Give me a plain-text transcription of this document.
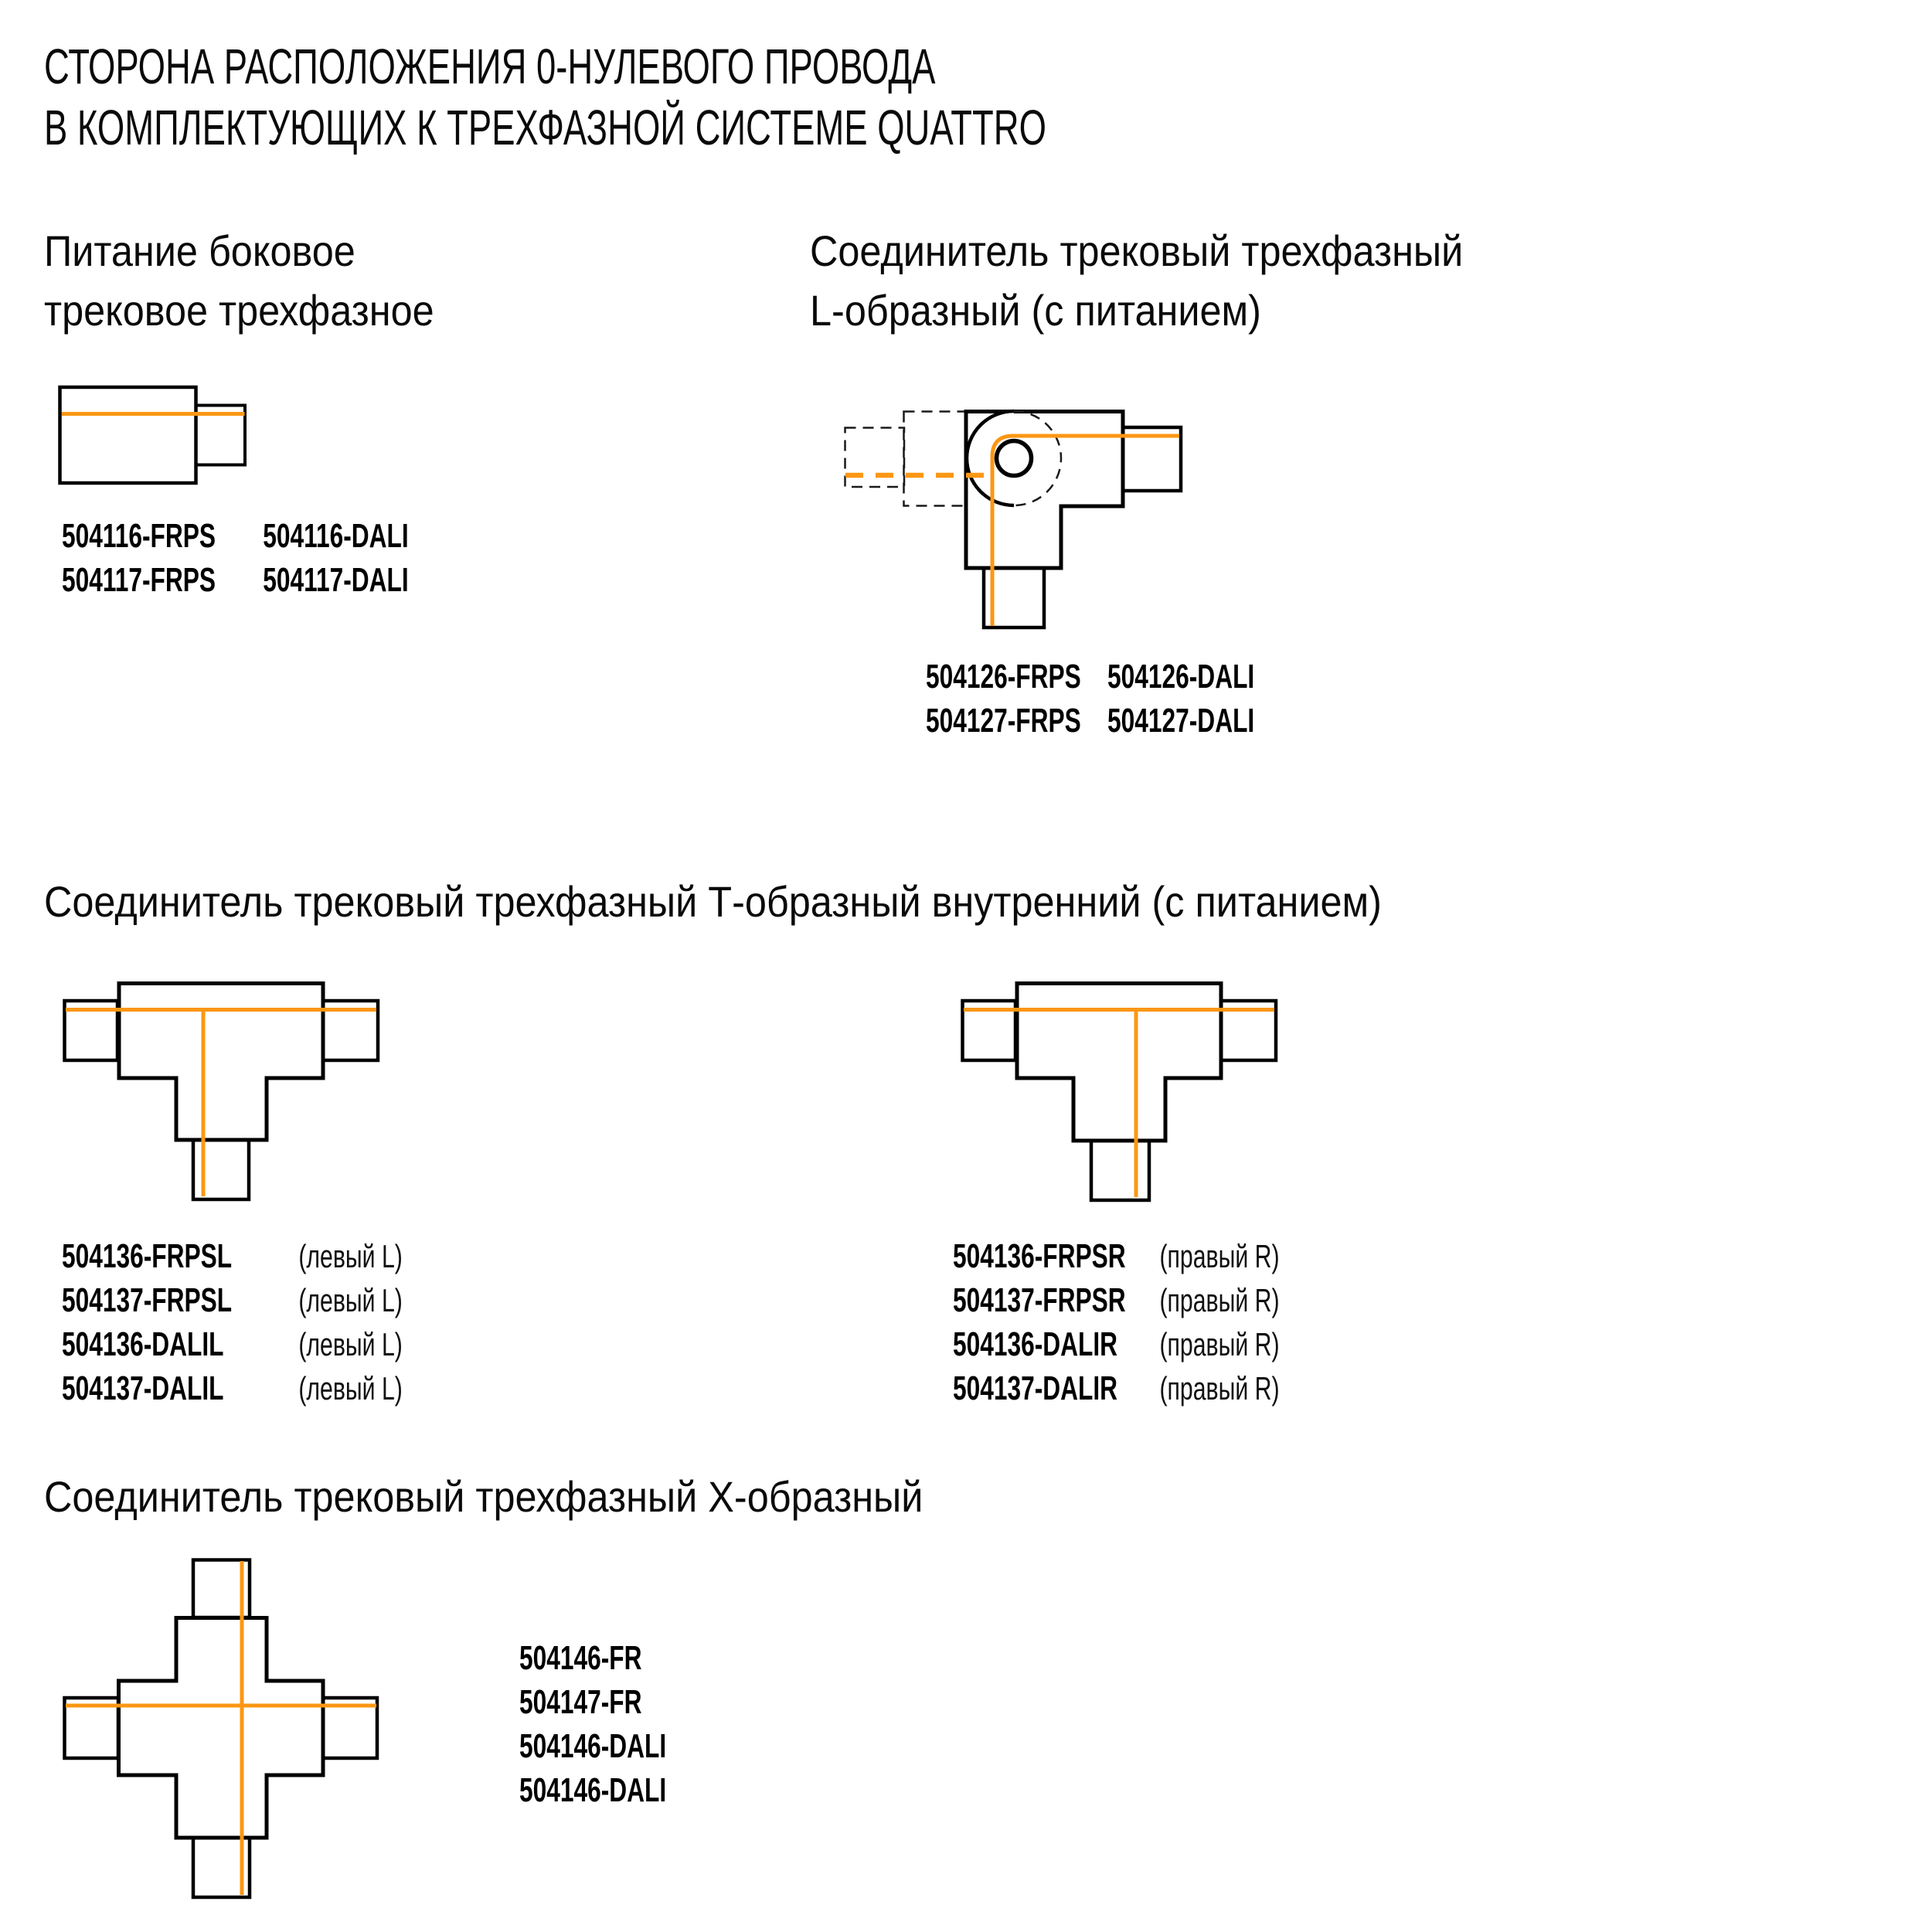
СТОРОНА РАСПОЛОЖЕНИЯ 0-НУЛЕВОГО ПРОВОДА
В КОМПЛЕКТУЮЩИХ К ТРЕХФАЗНОЙ СИСТЕМЕ QUATTRO
Питание боковое
трековое трехфазное
504116-FRPS 504116-DALI
504117-FRPS 504117-DALI
Соединитель трековый трехфазный
L-образный (с питанием)
504126-FRPS 504126-DALI
504127-FRPS 504127-DALI
Соединитель трековый трехфазный Т-образный внутренний (с питанием)
504136-FRPSL (левый L)
504137-FRPSL (левый L)
504136-DALIL (левый L)
504137-DALIL (левый L)
504136-FRPSR (правый R)
504137-FRPSR (правый R)
504136-DALIR (правый R)
504137-DALIR (правый R)
Соединитель трековый трехфазный Х-образный
504146-FR
504147-FR
504146-DALI
504146-DALI
